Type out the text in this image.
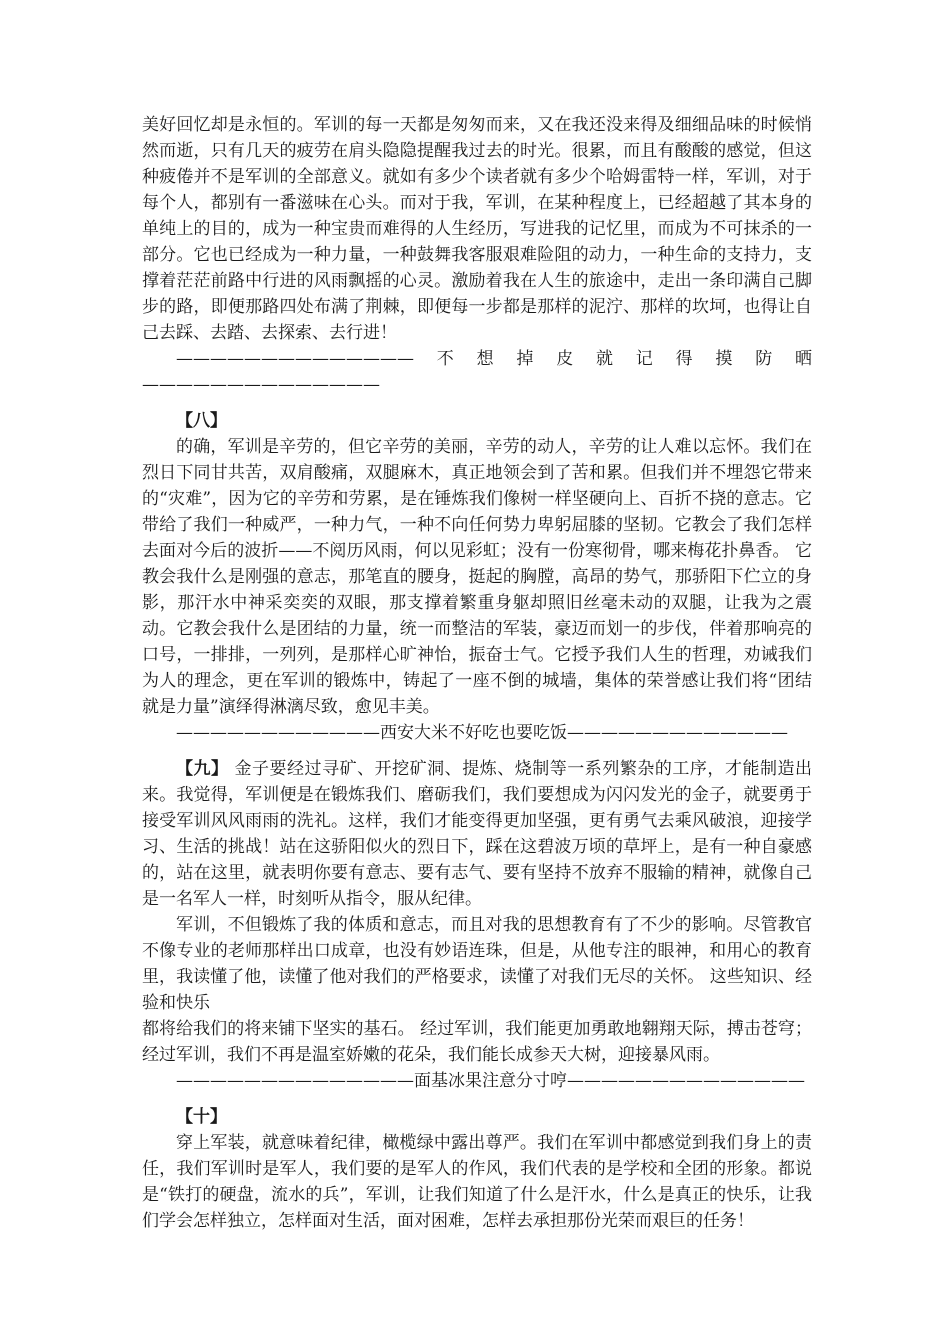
美好回忆却是永恒的。军训的每一天都是匆匆而来，又在我还没来得及细细品味的时候悄然而逝，只有几天的疲劳在肩头隐隐提醒我过去的时光。很累，而且有酸酸的感觉，但这种疲倦并不是军训的全部意义。就如有多少个读者就有多少个哈姆雷特一样，军训，对于每个人，都别有一番滋味在心头。而对于我，军训，在某种程度上，已经超越了其本身的单纯上的目的，成为一种宝贵而难得的人生经历，写进我的记忆里，而成为不可抹杀的一部分。它也已经成为一种力量，一种鼓舞我客服艰难险阻的动力，一种生命的支持力，支撑着茫茫前路中行进的风雨飘摇的心灵。激励着我在人生的旅途中，走出一条印满自己脚步的路，即便那路四处布满了荆棘，即便每一步都是那样的泥泞、那样的坎坷，也得让自己去踩、去踏、去探索、去行进！

——————————————不想掉皮就记得摸防晒——————————————

【八】

的确，军训是辛劳的，但它辛劳的美丽，辛劳的动人，辛劳的让人难以忘怀。我们在烈日下同甘共苦，双肩酸痛，双腿麻木，真正地领会到了苦和累。但我们并不埋怨它带来的“灾难”，因为它的辛劳和劳累，是在锤炼我们像树一样坚硬向上、百折不挠的意志。它带给了我们一种威严，一种力气，一种不向任何势力卑躬屈膝的坚韧。它教会了我们怎样去面对今后的波折——不阅历风雨，何以见彩虹；没有一份寒彻骨，哪来梅花扑鼻香。 它教会我什么是刚强的意志，那笔直的腰身，挺起的胸膛，高昂的势气，那骄阳下伫立的身影，那汗水中神采奕奕的双眼，那支撑着繁重身躯却照旧丝毫未动的双腿，让我为之震动。它教会我什么是团结的力量，统一而整洁的军装，豪迈而划一的步伐，伴着那响亮的口号，一排排，一列列，是那样心旷神怡，振奋士气。它授予我们人生的哲理，劝诫我们为人的理念，更在军训的锻炼中，铸起了一座不倒的城墙，集体的荣誉感让我们将“团结就是力量”演绎得淋漓尽致，愈见丰美。

————————————西安大米不好吃也要吃饭—————————————

【九】 金子要经过寻矿、开挖矿洞、提炼、烧制等一系列繁杂的工序，才能制造出来。我觉得，军训便是在锻炼我们、磨砺我们，我们要想成为闪闪发光的金子，就要勇于接受军训风风雨雨的洗礼。这样，我们才能变得更加坚强，更有勇气去乘风破浪，迎接学习、生活的挑战！站在这骄阳似火的烈日下，踩在这碧波万顷的草坪上，是有一种自豪感的，站在这里，就表明你要有意志、要有志气、要有坚持不放弃不服输的精神，就像自己是一名军人一样，时刻听从指令，服从纪律。

军训，不但锻炼了我的体质和意志，而且对我的思想教育有了不少的影响。尽管教官不像专业的老师那样出口成章，也没有妙语连珠，但是，从他专注的眼神，和用心的教育里，我读懂了他，读懂了他对我们的严格要求，读懂了对我们无尽的关怀。 这些知识、经验和快乐

都将给我们的将来铺下坚实的基石。 经过军训，我们能更加勇敢地翱翔天际，搏击苍穹；经过军训，我们不再是温室娇嫩的花朵，我们能长成参天大树，迎接暴风雨。

——————————————面基冰果注意分寸哼——————————————

【十】

穿上军装，就意味着纪律，橄榄绿中露出尊严。我们在军训中都感觉到我们身上的责任，我们军训时是军人，我们要的是军人的作风，我们代表的是学校和全团的形象。都说是“铁打的硬盘，流水的兵”，军训，让我们知道了什么是汗水，什么是真正的快乐，让我们学会怎样独立，怎样面对生活，面对困难，怎样去承担那份光荣而艰巨的任务！
